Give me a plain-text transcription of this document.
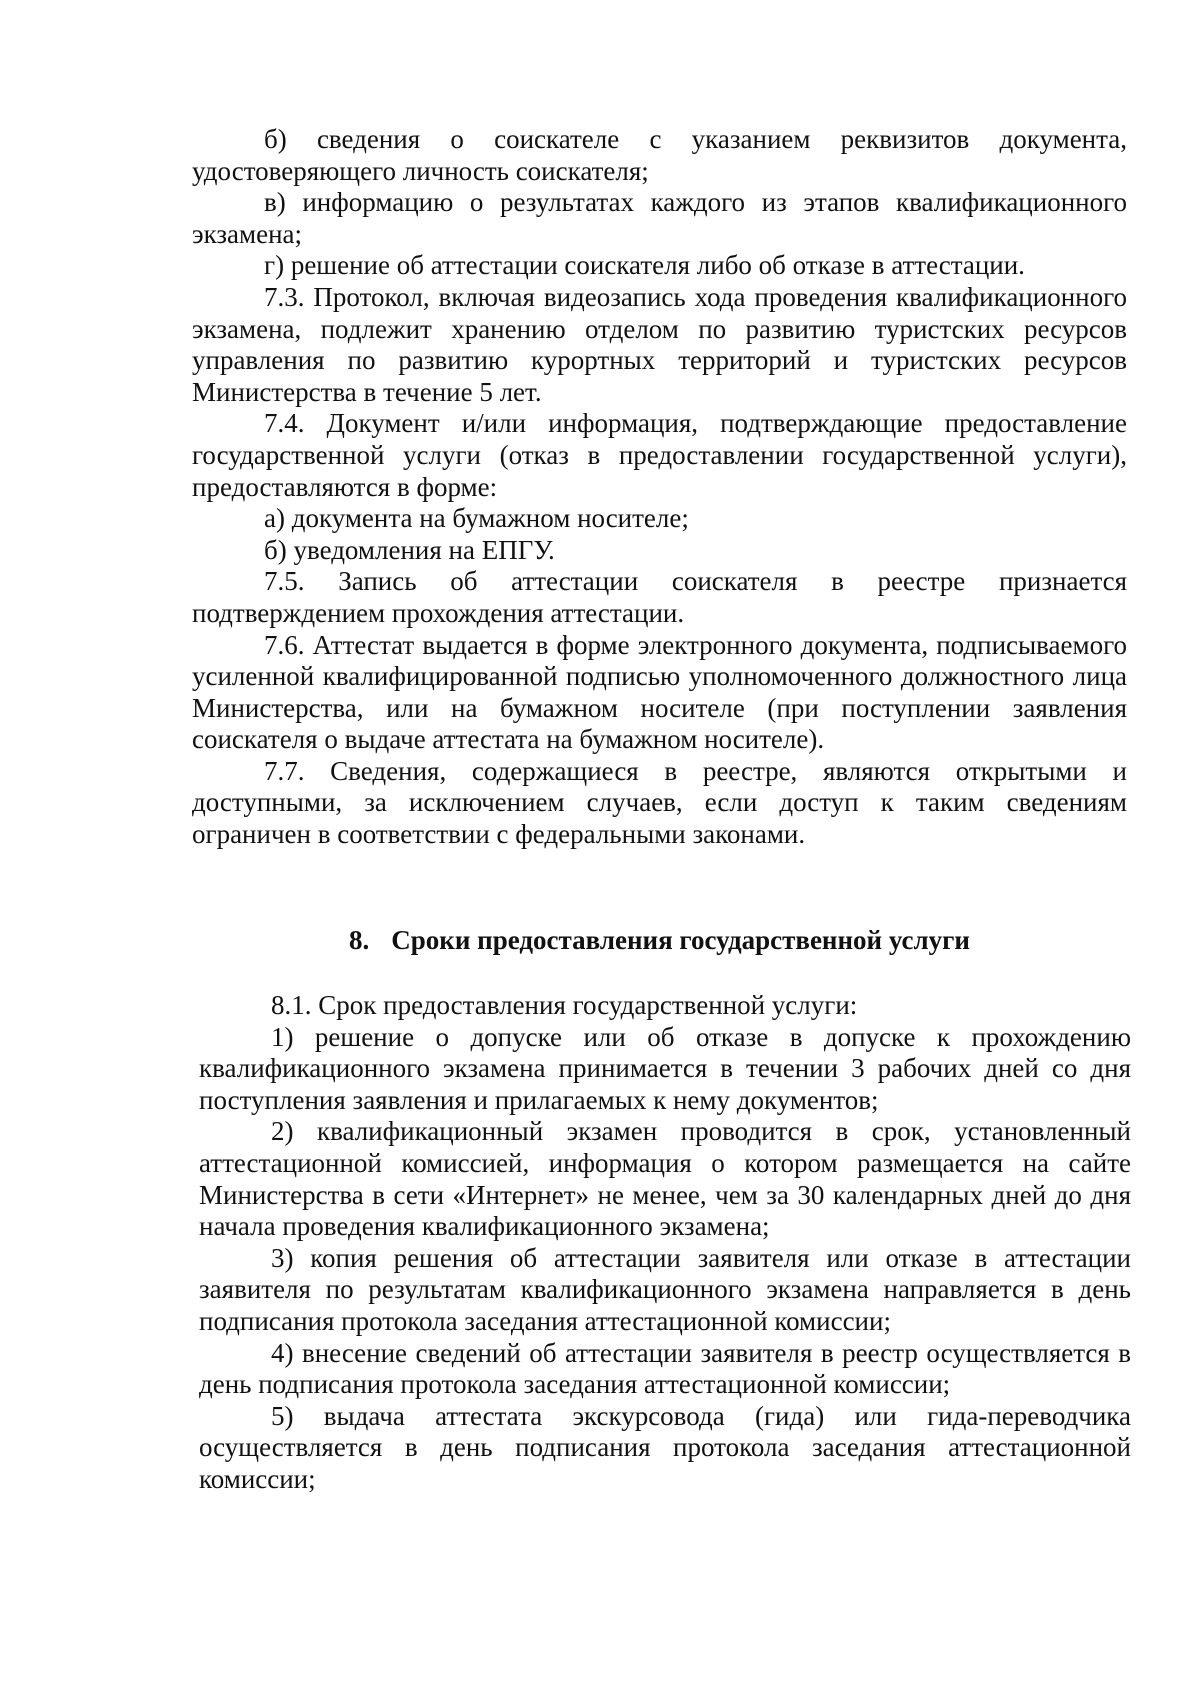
б) сведения о соискателе с указанием реквизитов документа, удостоверяющего личность соискателя;

в) информацию о результатах каждого из этапов квалификационного экзамена;

г) решение об аттестации соискателя либо об отказе в аттестации.

7.3. Протокол, включая видеозапись хода проведения квалификационного экзамена, подлежит хранению отделом по развитию туристских ресурсов управления по развитию курортных территорий и туристских ресурсов Министерства в течение 5 лет.

7.4. Документ и/или информация, подтверждающие предоставление государственной услуги (отказ в предоставлении государственной услуги), предоставляются в форме:

а) документа на бумажном носителе;

б) уведомления на ЕПГУ.

7.5. Запись об аттестации соискателя в реестре признается подтверждением прохождения аттестации.

7.6. Аттестат выдается в форме электронного документа, подписываемого усиленной квалифицированной подписью уполномоченного должностного лица Министерства, или на бумажном носителе (при поступлении заявления соискателя о выдаче аттестата на бумажном носителе).

7.7. Сведения, содержащиеся в реестре, являются открытыми и доступными, за исключением случаев, если доступ к таким сведениям ограничен в соответствии с федеральными законами.

8. Сроки предоставления государственной услуги

8.1. Срок предоставления государственной услуги:

1) решение о допуске или об отказе в допуске к прохождению квалификационного экзамена принимается в течении 3 рабочих дней со дня поступления заявления и прилагаемых к нему документов;

2) квалификационный экзамен проводится в срок, установленный аттестационной комиссией, информация о котором размещается на сайте Министерства в сети «Интернет» не менее, чем за 30 календарных дней до дня начала проведения квалификационного экзамена;

3) копия решения об аттестации заявителя или отказе в аттестации заявителя по результатам квалификационного экзамена направляется в день подписания протокола заседания аттестационной комиссии;

4) внесение сведений об аттестации заявителя в реестр осуществляется в день подписания протокола заседания аттестационной комиссии;

5) выдача аттестата экскурсовода (гида) или гида-переводчика осуществляется в день подписания протокола заседания аттестационной комиссии;
